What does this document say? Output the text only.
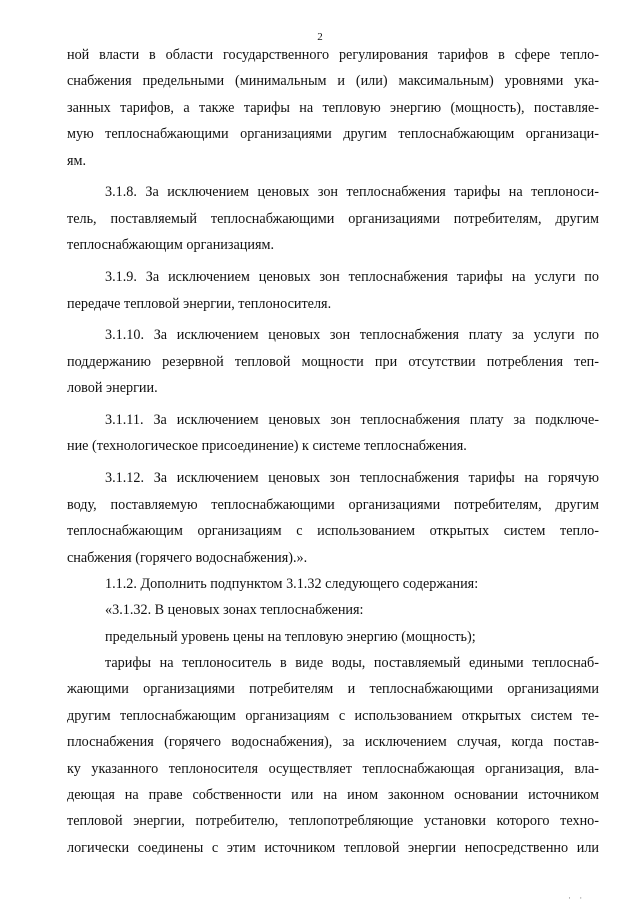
2
ной власти в области государственного регулирования тарифов в сфере тепло-
снабжения предельными (минимальным и (или) максимальным) уровнями ука-
занных тарифов, а также тарифы на тепловую энергию (мощность), поставляе-
мую теплоснабжающими организациями другим теплоснабжающим организаци-
ям.
3.1.8. За исключением ценовых зон теплоснабжения тарифы на теплоноси-
тель, поставляемый теплоснабжающими организациями потребителям, другим
теплоснабжающим организациям.
3.1.9. За исключением ценовых зон теплоснабжения тарифы на услуги по
передаче тепловой энергии, теплоносителя.
3.1.10. За исключением ценовых зон теплоснабжения плату за услуги по
поддержанию резервной тепловой мощности при отсутствии потребления теп-
ловой энергии.
3.1.11. За исключением ценовых зон теплоснабжения плату за подключе-
ние (технологическое присоединение) к системе теплоснабжения.
3.1.12. За исключением ценовых зон теплоснабжения тарифы на горячую
воду, поставляемую теплоснабжающими организациями потребителям, другим
теплоснабжающим организациям с использованием открытых систем тепло-
снабжения (горячего водоснабжения).».
1.1.2. Дополнить подпунктом 3.1.32 следующего содержания:
«3.1.32. В ценовых зонах теплоснабжения:
предельный уровень цены на тепловую энергию (мощность);
тарифы на теплоноситель в виде воды, поставляемый едиными теплоснаб-
жающими организациями потребителям и теплоснабжающими организациями
другим теплоснабжающим организациям с использованием открытых систем те-
плоснабжения (горячего водоснабжения), за исключением случая, когда постав-
ку указанного теплоносителя осуществляет теплоснабжающая организация, вла-
деющая на праве собственности или на ином законном основании источником
тепловой энергии, потребителю, теплопотребляющие установки которого техно-
логически соединены с этим источником тепловой энергии непосредственно или
· ·
